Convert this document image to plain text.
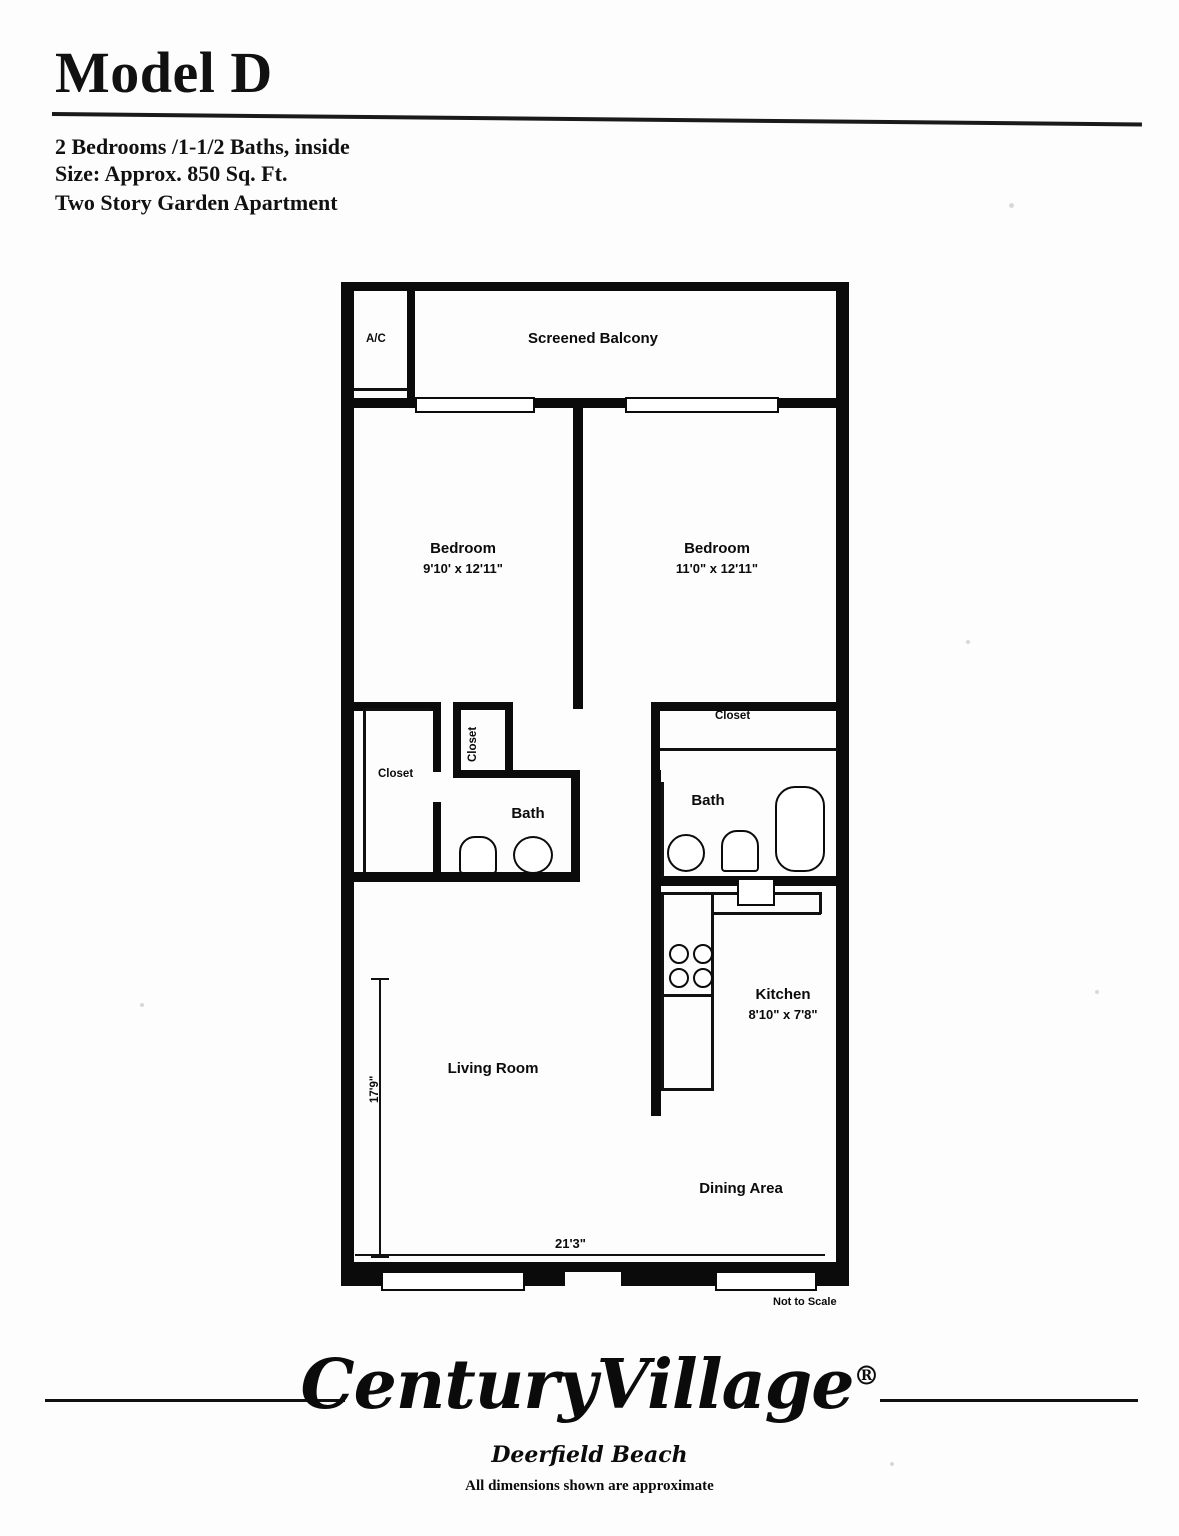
Model D
2 Bedrooms /1-1/2 Baths, inside
Size: Approx. 850 Sq. Ft.
Two Story Garden Apartment
A/C	Screened Balcony
Bedroom
9'10' x 12'11"
Bedroom
11'0" x 12'11"
Closet
Closet
Bath
Closet
Bath
Kitchen
8'10" x 7'8"
Living Room
Dining Area
17'9"
21'3"
Not to Scale
CenturyVillage®
Deerfield Beach
All dimensions shown are approximate
